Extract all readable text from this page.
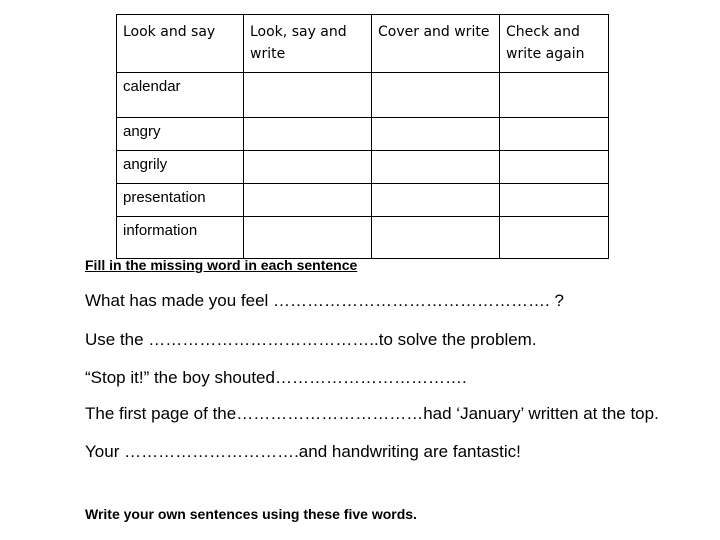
Look and say	Look, say and write	Cover and write	Check and write again
calendar			
angry			
angrily			
presentation			
information			
Fill in the missing word in each sentence
What has made you feel …………………………………………. ?
Use the …………………………………..to solve the problem.
“Stop it!” the boy shouted…………………………….
The first page of the……………………………had ‘January’ written at the top.
Your ………………………….and handwriting are fantastic!
Write your own sentences using these five words.
